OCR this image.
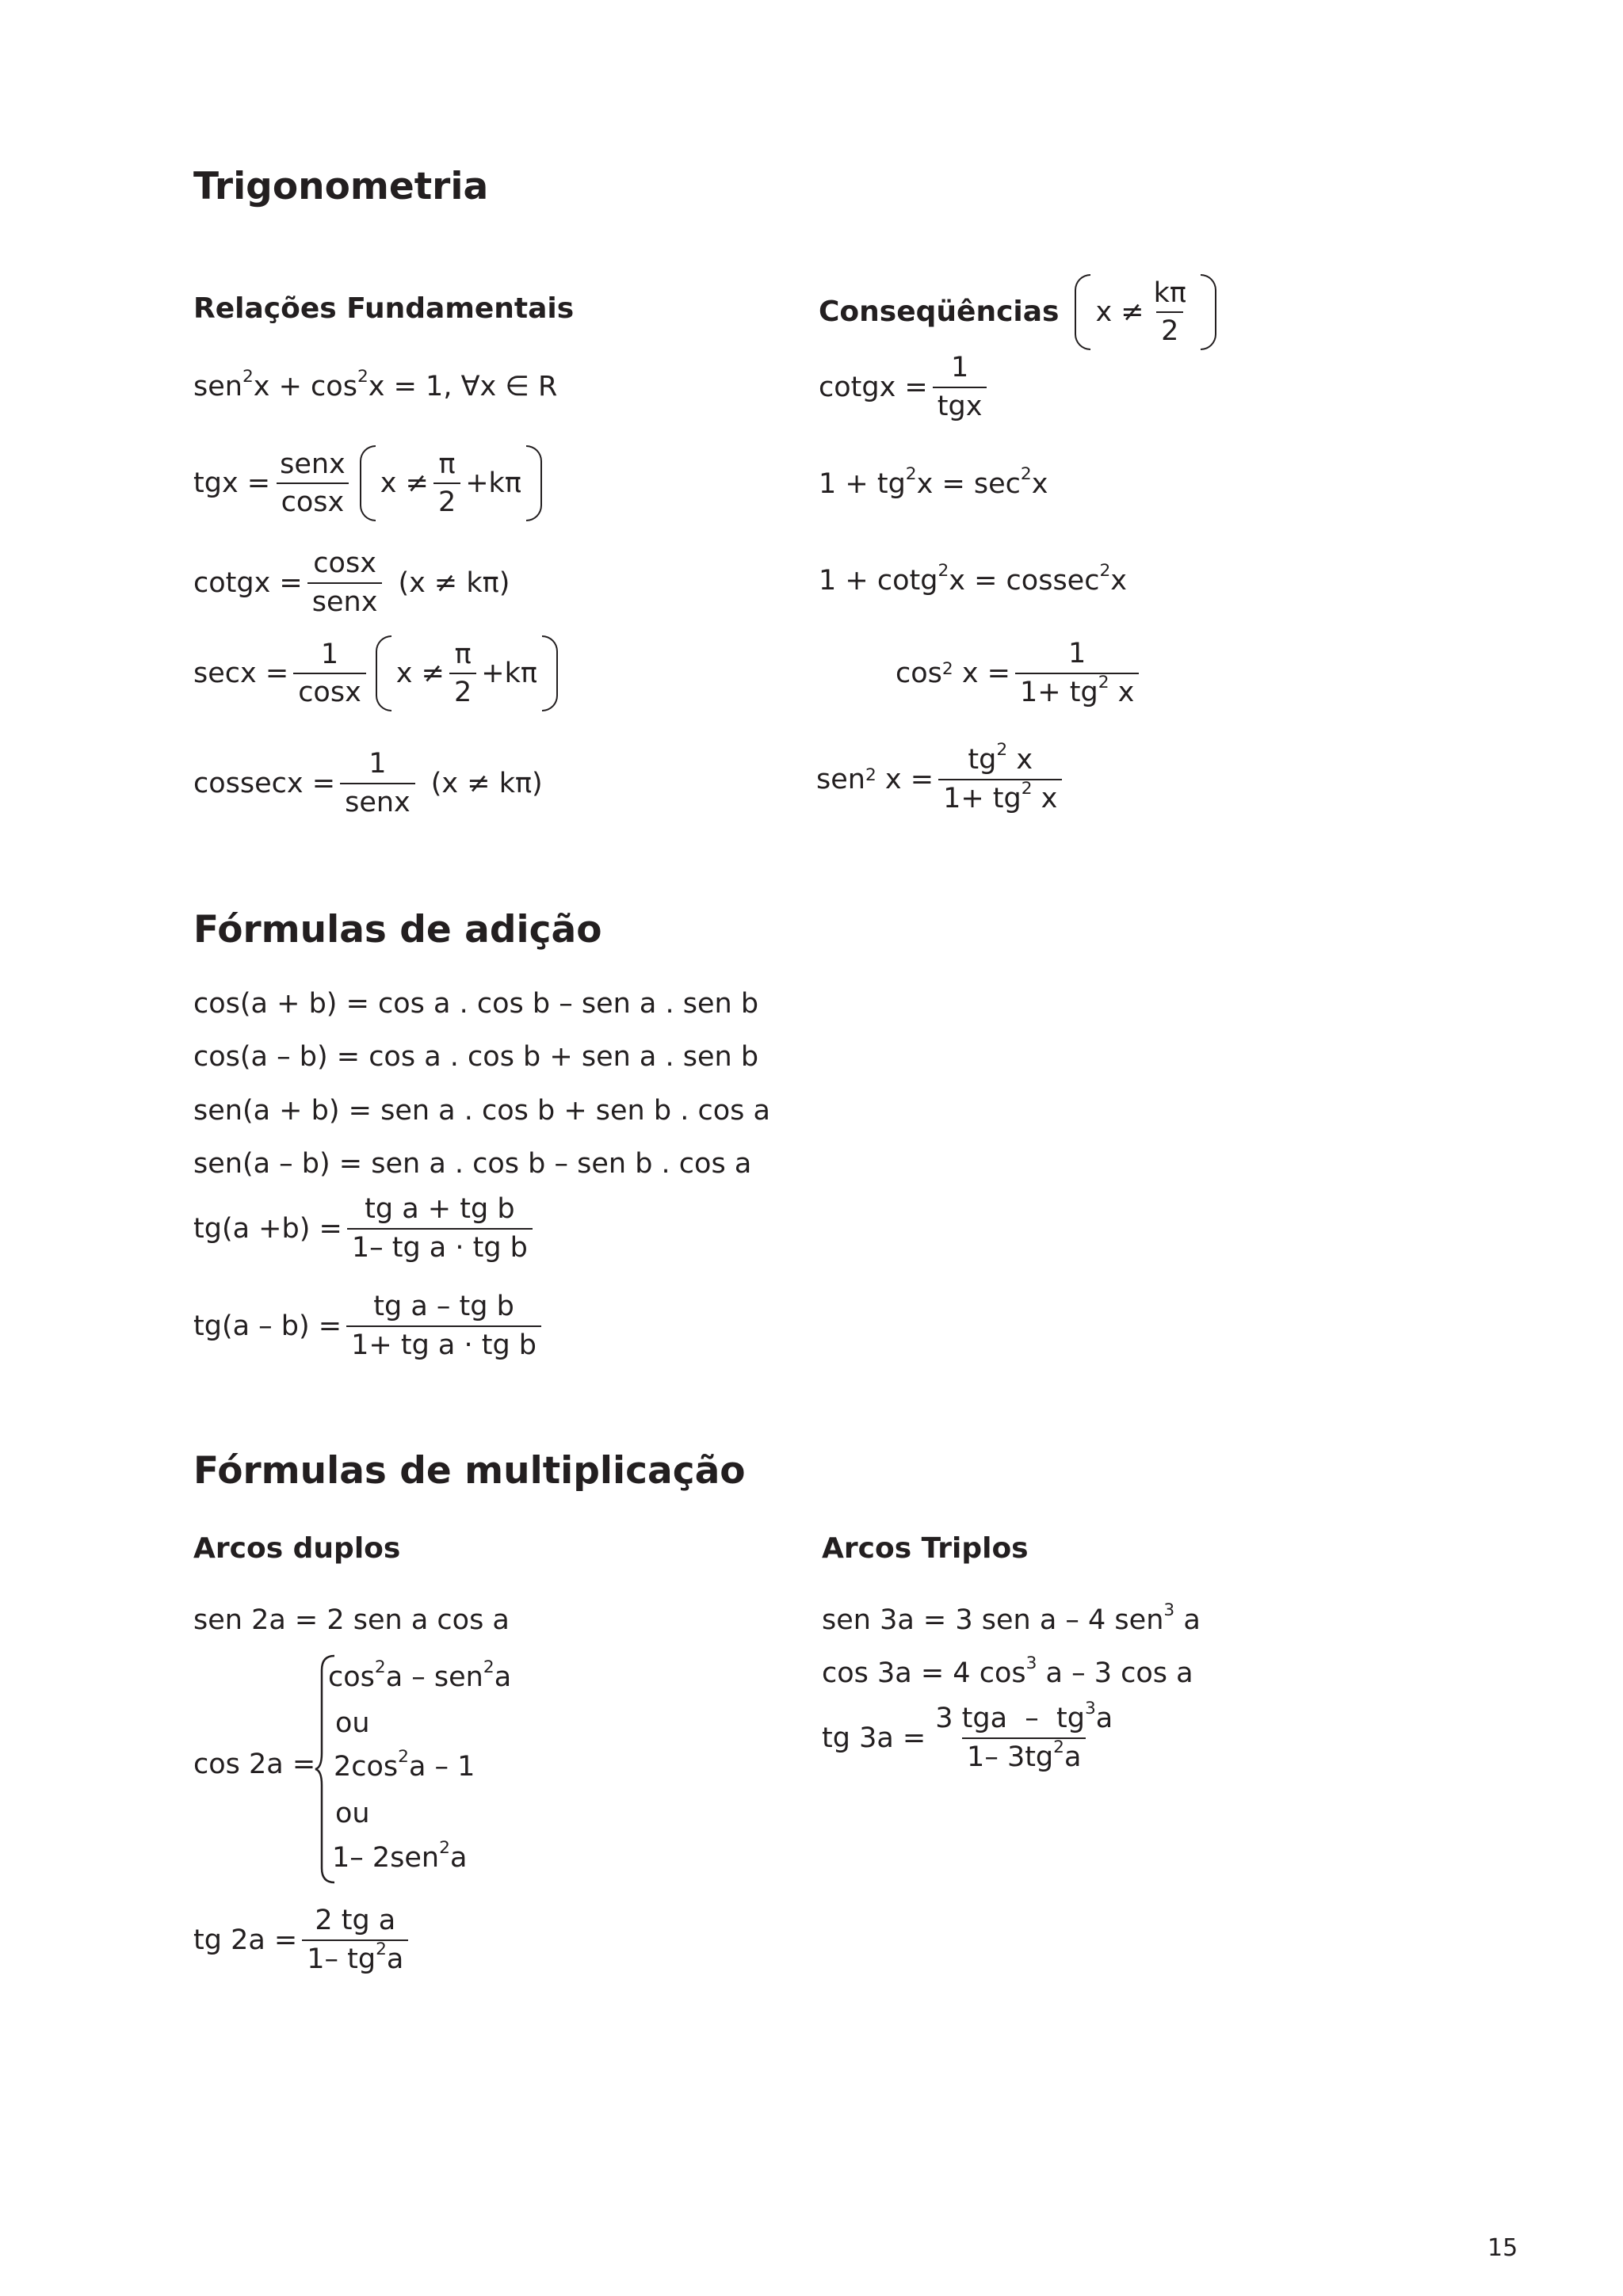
Trigonometria
Relações Fundamentais
$sen^2x + \cos^2x = 1$, ∀x ∈ R
tgx = $\frac{\text{senx}}{\cos x}$ $x \ne \frac{\pi}{2} +k\pi$
cotgx = $\frac{\cos x}{\text{senx}} (x \ne k\pi)$
$\sec x = \frac{1}{\cos x}$ $x \ne \frac{\pi}{2} +k\pi$
$cossecx = \frac{1}{\text{senx}} (x \ne k\pi)$
Conseqüências $x \ne \frac{k\pi}{2}$
cotgx = $\frac{1}{\text{tgx}}$
$1 + tg^2x = \sec^2x$
1 + cotg$^2$x = cossec$^2$x
$\cos^2 x = \frac{1}{1+ tg^2 x}$
sen$^2$ $x = \frac{tg^2 x}{1+ tg^2 x}$
Fórmulas de adição
cos(a + b) = cos a . cos b – sen a . sen b
cos(a – b) = cos a . cos b + sen a . sen b
sen(a + b) = sen a . cos b + sen b . cos a
sen(a – b) = sen a . cos b – sen b . cos a
$tg(a +b) = \frac{\text{tg a + tg b}}{\text{1– tg a · tg b}}$
$tg(a - b) = \frac{\text{tg a – tg b}}{\text{1+ tg a · tg b}}$
Fórmulas de multiplicação
Arcos duplos	Arcos Triplos
sen 2a = 2 sen a cos a
cos 2a =
$\cos^2a - sen^2a$
ou
$2\cos^2a - 1$
ou
1– 2sen$^2$a
tg $2a = \frac{\text{2 tg a}}{1- tg^2a}$
sen 3a = 3 sen a – 4 sen$^3$ a
cos 3a = 4 $\cos^3 a - 3$ cos a
tg $3a = \frac{3 tga - tg^3a}{1- 3tg^2a}$
15
